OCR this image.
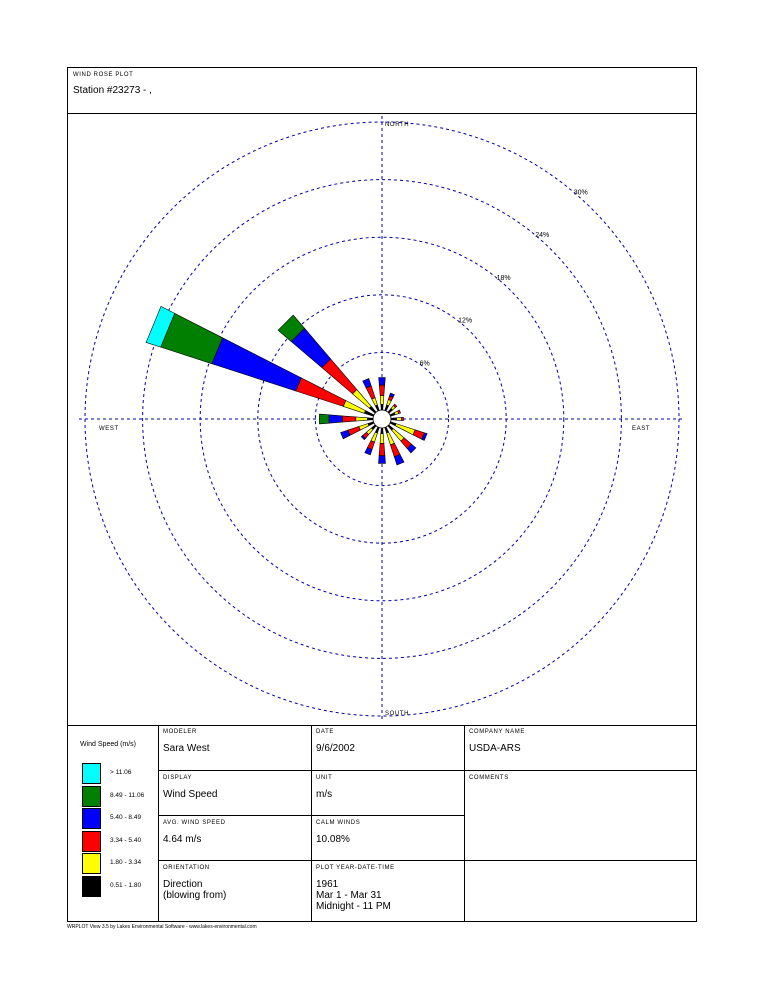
WIND ROSE PLOT
Station #23273 - ,
6%
12%
18%
24%
30%
NORTH
SOUTH
EAST
WEST
Wind Speed (m/s)
> 11.06
8.49 - 11.06
5.40 - 8.49
3.34 - 5.40
1.80 - 3.34
0.51 - 1.80
MODELER
Sara West
DATE
9/6/2002
COMPANY NAME
USDA-ARS
DISPLAY
Wind Speed
UNIT
m/s
COMMENTS
AVG. WIND SPEED
4.64 m/s
CALM WINDS
10.08%
ORIENTATION
Direction
(blowing from)
PLOT YEAR-DATE-TIME
1961
Mar 1 - Mar 31
Midnight - 11 PM
WRPLOT View 3.5 by Lakes Environmental Software - www.lakes-environmental.com
